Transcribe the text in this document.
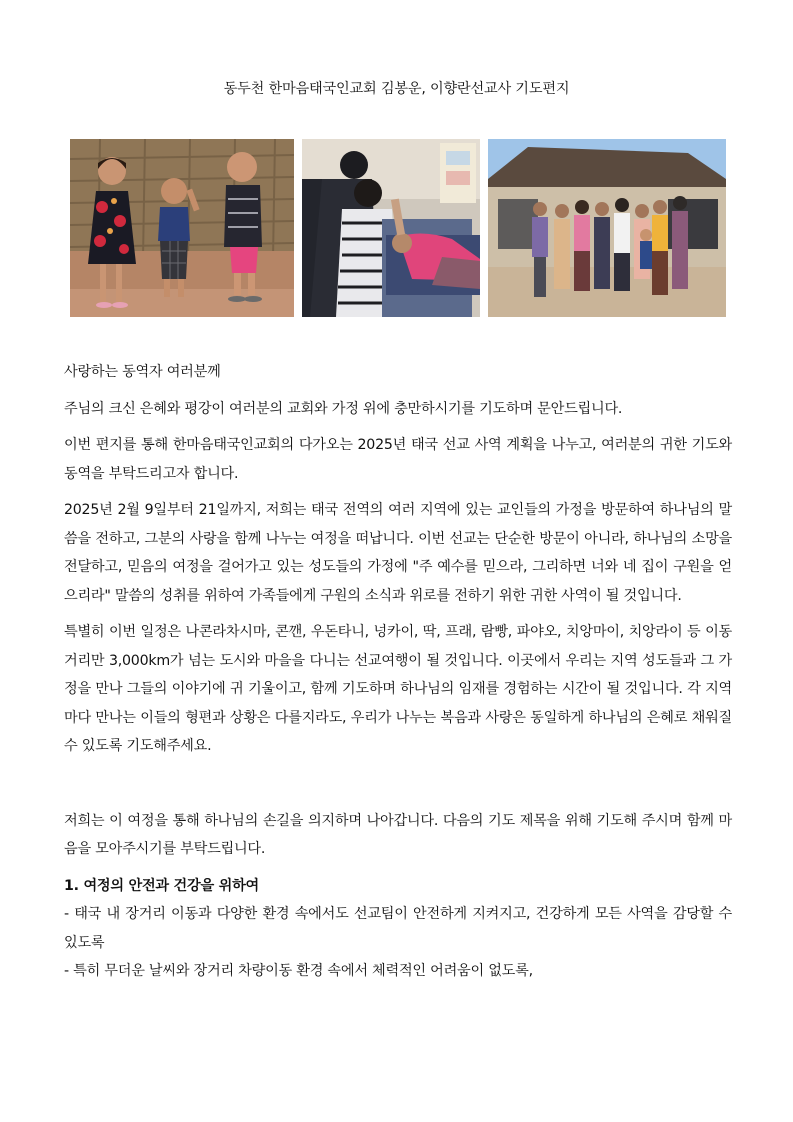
동두천 한마음태국인교회 김봉운, 이향란선교사 기도편지

사랑하는 동역자 여러분께

주님의 크신 은혜와 평강이 여러분의 교회와 가정 위에 충만하시기를 기도하며 문안드립니다.

이번 편지를 통해 한마음태국인교회의 다가오는 2025년 태국 선교 사역 계획을 나누고, 여러분의 귀한 기도와 동역을 부탁드리고자 합니다.

2025년 2월 9일부터 21일까지, 저희는 태국 전역의 여러 지역에 있는 교인들의 가정을 방문하여 하나님의 말씀을 전하고, 그분의 사랑을 함께 나누는 여정을 떠납니다. 이번 선교는 단순한 방문이 아니라, 하나님의 소망을 전달하고, 믿음의 여정을 걸어가고 있는 성도들의 가정에 "주 예수를 믿으라, 그리하면 너와 네 집이 구원을 얻으리라" 말씀의 성취를 위하여 가족들에게 구원의 소식과 위로를 전하기 위한 귀한 사역이 될 것입니다.

특별히 이번 일정은 나콘라차시마, 콘깬, 우돈타니, 넝카이, 딱, 프래, 람빵, 파야오, 치앙마이, 치앙라이 등 이동거리만 3,000km가 넘는 도시와 마을을 다니는 선교여행이 될 것입니다. 이곳에서 우리는 지역 성도들과 그 가정을 만나 그들의 이야기에 귀 기울이고, 함께 기도하며 하나님의 임재를 경험하는 시간이 될 것입니다. 각 지역마다 만나는 이들의 형편과 상황은 다를지라도, 우리가 나누는 복음과 사랑은 동일하게 하나님의 은혜로 채워질 수 있도록 기도해주세요.

저희는 이 여정을 통해 하나님의 손길을 의지하며 나아갑니다. 다음의 기도 제목을 위해 기도해 주시며 함께 마음을 모아주시기를 부탁드립니다.

1. 여정의 안전과 건강을 위하여
- 태국 내 장거리 이동과 다양한 환경 속에서도 선교팀이 안전하게 지켜지고, 건강하게 모든 사역을 감당할 수 있도록
- 특히 무더운 날씨와 장거리 차량이동 환경 속에서 체력적인 어려움이 없도록,
